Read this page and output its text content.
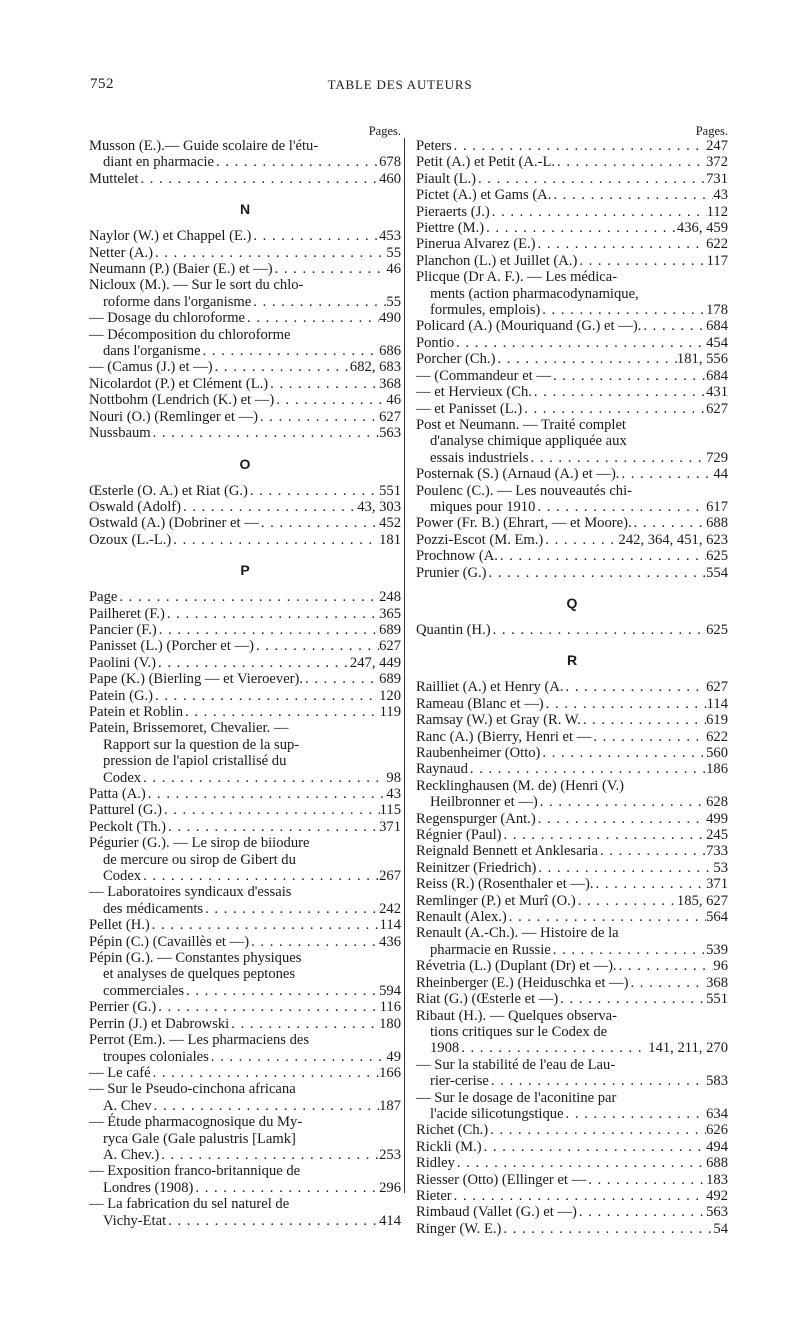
752	TABLE DES AUTEURS
Pages.
Musson (E.).— Guide scolaire de l'étu-
diant en pharmacie . . .	678
Muttelet . . .	460
N
Naylor (W.) et Chappel (E.) . . .	453
Netter (A.) . . .	55
Neumann (P.) (Baier (E.) et —) . . .	46
Nicloux (M.). — Sur le sort du chlo-
roforme dans l'organisme . . .	55
— Dosage du chloroforme . . .	490
— Décomposition du chloroforme
dans l'organisme . . .	686
— (Camus (J.) et —) . . .	682, 683
Nicolardot (P.) et Clément (L.) . . .	368
Nottbohm (Lendrich (K.) et —) . . .	46
Nouri (O.) (Remlinger et —) . . .	627
Nussbaum . . .	563
O
Œsterle (O. A.) et Riat (G.) . . .	551
Oswald (Adolf) . . .	43, 303
Ostwald (A.) (Dobriner et — . . .	452
Ozoux (L.-L.) . . .	181
P
Page . . .	248
Pailheret (F.) . . .	365
Pancier (F.) . . .	689
Panisset (L.) (Porcher et —) . . .	627
Paolini (V.) . . .	247, 449
Pape (K.) (Bierling — et Vieroever). . . .	689
Patein (G.) . . .	120
Patein et Roblin . . .	119
Patein, Brissemoret, Chevalier. —
Rapport sur la question de la sup-
pression de l'apiol cristallisé du
Codex . . .	98
Patta (A.) . . .	43
Patturel (G.) . . .	115
Peckolt (Th.) . . .	371
Pégurier (G.). — Le sirop de biiodure
de mercure ou sirop de Gibert du
Codex . . .	267
— Laboratoires syndicaux d'essais
des médicaments . . .	242
Pellet (H.) . . .	114
Pépin (C.) (Cavaillès et —) . . .	436
Pépin (G.). — Constantes physiques
et analyses de quelques peptones
commerciales . . .	594
Perrier (G.) . . .	116
Perrin (J.) et Dabrowski . . .	180
Perrot (Em.). — Les pharmaciens des
troupes coloniales . . .	49
— Le café . . .	166
— Sur le Pseudo-cinchona africana
A. Chev . . .	187
— Étude pharmacognosique du My-
ryca Gale (Gale palustris [Lamk]
A. Chev.) . . .	253
— Exposition franco-britannique de
Londres (1908) . . .	296
— La fabrication du sel naturel de
Vichy-Etat . . .	414
Pages.
Peters . . .	247
Petit (A.) et Petit (A.-L. . . .	372
Piault (L.) . . .	731
Pictet (A.) et Gams (A. . . .	43
Pieraerts (J.) . . .	112
Piettre (M.) . . .	436, 459
Pinerua Alvarez (E.) . . .	622
Planchon (L.) et Juillet (A.) . . .	117
Plicque (Dr A. F.). — Les médica-
ments (action pharmacodynamique,
formules, emplois) . . .	178
Policard (A.) (Mouriquand (G.) et —). . . .	684
Pontio . . .	454
Porcher (Ch.) . . .	181, 556
— (Commandeur et — . . .	684
— et Hervieux (Ch. . . .	431
— et Panisset (L.) . . .	627
Post et Neumann. — Traité complet
d'analyse chimique appliquée aux
essais industriels . . .	729
Posternak (S.) (Arnaud (A.) et —). . . .	44
Poulenc (C.). — Les nouveautés chi-
miques pour 1910 . . .	617
Power (Fr. B.) (Ehrart, — et Moore). . . .	688
Pozzi-Escot (M. Em.) . . .	242, 364, 451, 623
Prochnow (A. . . .	625
Prunier (G.) . . .	554
Q
Quantin (H.) . . .	625
R
Railliet (A.) et Henry (A. . . .	627
Rameau (Blanc et —) . . .	114
Ramsay (W.) et Gray (R. W. . . .	619
Ranc (A.) (Bierry, Henri et — . . .	622
Raubenheimer (Otto) . . .	560
Raynaud . . .	186
Recklinghausen (M. de) (Henri (V.)
Heilbronner et —) . . .	628
Regenspurger (Ant.) . . .	499
Régnier (Paul) . . .	245
Reignald Bennett et Anklesaria . . .	733
Reinitzer (Friedrich) . . .	53
Reiss (R.) (Rosenthaler et —). . . .	371
Remlinger (P.) et Murî (O.) . . .	185, 627
Renault (Alex.) . . .	564
Renault (A.-Ch.). — Histoire de la
pharmacie en Russie . . .	539
Révetria (L.) (Duplant (Dr) et —). . . .	96
Rheinberger (E.) (Heiduschka et —) . . .	368
Riat (G.) (Œsterle et —) . . .	551
Ribaut (H.). — Quelques observa-
tions critiques sur le Codex de
1908 . . .	141, 211, 270
— Sur la stabilité de l'eau de Lau-
rier-cerise . . .	583
— Sur le dosage de l'aconitine par
l'acide silicotungstique . . .	634
Richet (Ch.) . . .	626
Rickli (M.) . . .	494
Ridley . . .	688
Riesser (Otto) (Ellinger et — . . .	183
Rieter . . .	492
Rimbaud (Vallet (G.) et —) . . .	563
Ringer (W. E.) . . .	54
